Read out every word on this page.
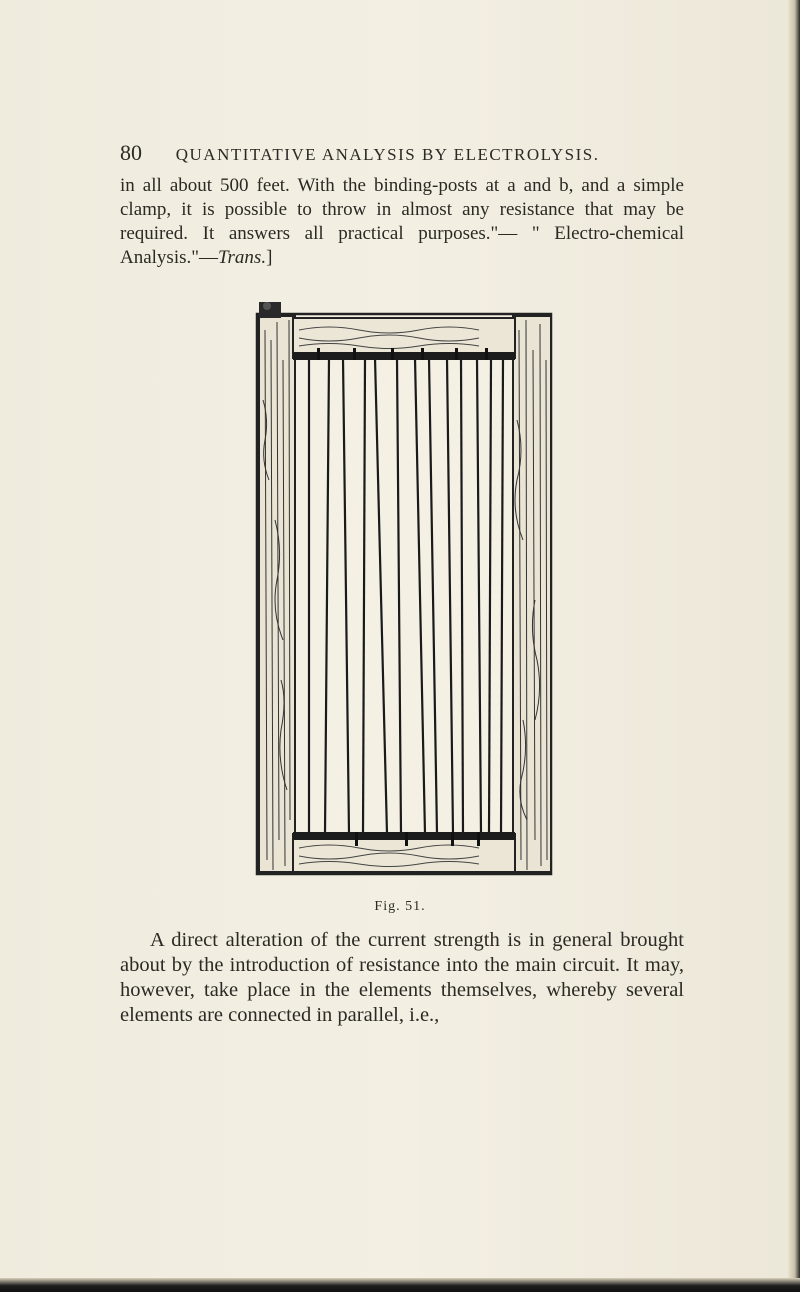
80 QUANTITATIVE ANALYSIS BY ELECTROLYSIS.
in all about 500 feet. With the binding-posts at a and b, and a simple clamp, it is possible to throw in almost any resistance that may be required. It answers all practical purposes."— " Electro-chemical Analysis."—Trans.]
Fig. 51.
A direct alteration of the current strength is in general brought about by the introduction of resistance into the main circuit. It may, however, take place in the elements themselves, whereby several elements are connected in parallel, i.e.,
